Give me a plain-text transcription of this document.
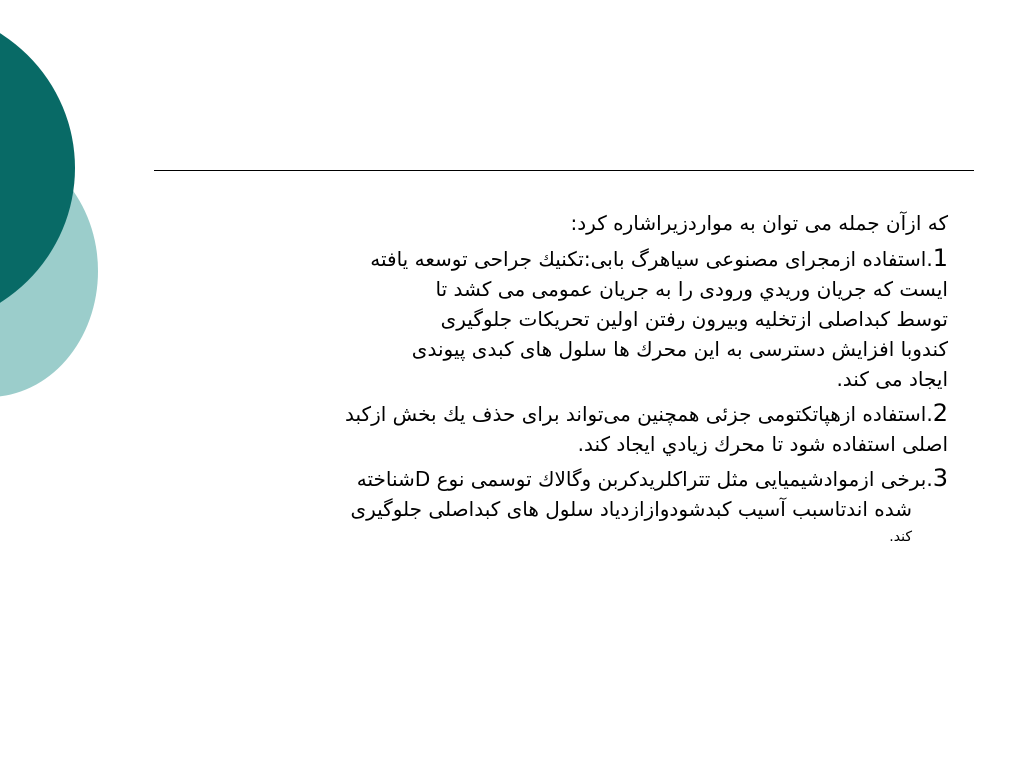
که ازآن جمله می توان به مواردزيراشاره کرد:
1.استفاده ازمجرای مصنوعی سیاهرگ بابی:تکنيك جراحی توسعه یافته
ایست که جریان وريدي ورودی را به جریان عمومی می کشد تا
توسط کبداصلی ازتخلیه وبیرون رفتن اولین تحریکات جلوگیری
کندوبا افزایش دسترسی به این محرك ها سلول های کبدی پیوندی
ایجاد می کند.
2.استفاده ازهپاتکتومی جزئی همچنین می‌تواند برای حذف يك بخش ازکبد
اصلی استفاده شود تا محرك زيادي ایجاد کند.
3.برخی ازموادشیمیایی مثل تتراکلریدکربن وگالاك توسمی نوع Dشناخته
شده اندتاسبب آسیب کبدشودوازازدیاد سلول های کبداصلی جلوگیری
کند.
